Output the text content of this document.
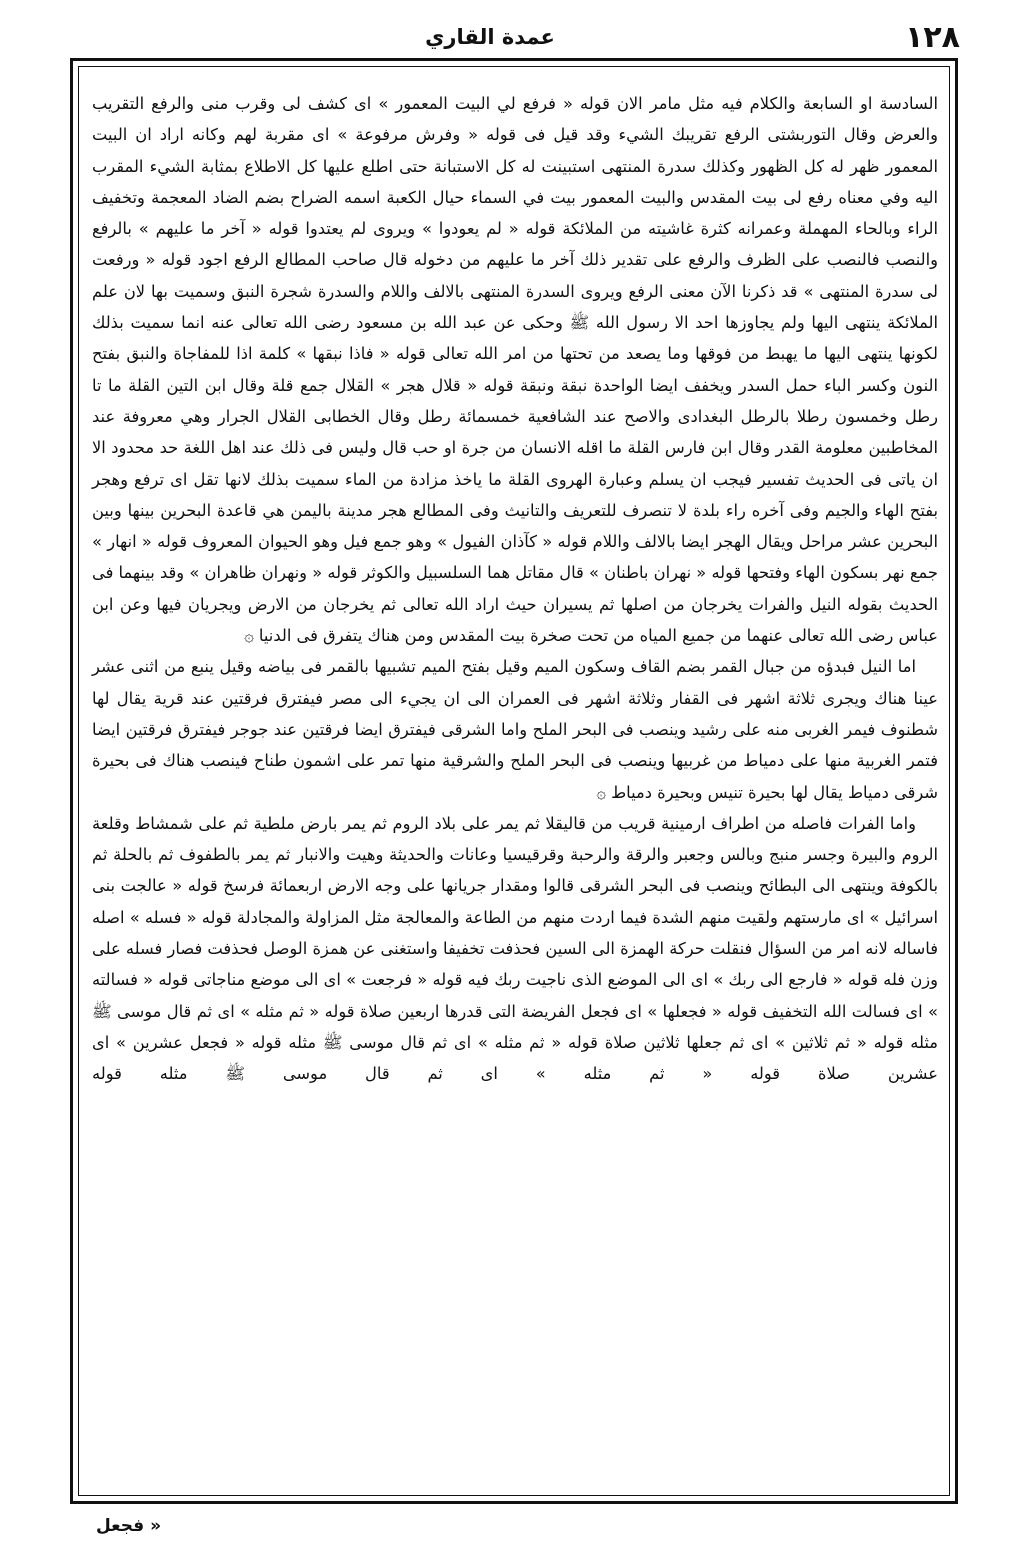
١٢٨
عمدة القاري

السادسة او السابعة والكلام فيه مثل مامر الان قوله « فرفع لي البيت المعمور » اى كشف لى وقرب منى والرفع التقريب والعرض وقال التوربشتى الرفع تقريبك الشيء وقد قيل فى قوله « وفرش مرفوعة » اى مقربة لهم وكانه اراد ان البيت المعمور ظهر له كل الظهور وكذلك سدرة المنتهى استبينت له كل الاستبانة حتى اطلع عليها كل الاطلاع بمثابة الشيء المقرب اليه وفي معناه رفع لى بيت المقدس والبيت المعمور بيت في السماء حيال الكعبة اسمه الضراح بضم الضاد المعجمة وتخفيف الراء وبالحاء المهملة وعمرانه كثرة غاشيته من الملائكة قوله « لم يعودوا » ويروى لم يعتدوا قوله « آخر ما عليهم » بالرفع والنصب فالنصب على الظرف والرفع على تقدير ذلك آخر ما عليهم من دخوله قال صاحب المطالع الرفع اجود قوله « ورفعت لى سدرة المنتهى » قد ذكرنا الآن معنى الرفع ويروى السدرة المنتهى بالالف واللام والسدرة شجرة النبق وسميت بها لان علم الملائكة ينتهى اليها ولم يجاوزها احد الا رسول الله ﷺ وحكى عن عبد الله بن مسعود رضى الله تعالى عنه انما سميت بذلك لكونها ينتهى اليها ما يهبط من فوقها وما يصعد من تحتها من امر الله تعالى قوله « فاذا نبقها » كلمة اذا للمفاجاة والنبق بفتح النون وكسر الباء حمل السدر ويخفف ايضا الواحدة نبقة ونبقة قوله « قلال هجر » القلال جمع قلة وقال ابن التين القلة ما تا رطل وخمسون رطلا بالرطل البغدادى والاصح عند الشافعية خمسمائة رطل وقال الخطابى القلال الجرار وهي معروفة عند المخاطبين معلومة القدر وقال ابن فارس القلة ما اقله الانسان من جرة او حب قال وليس فى ذلك عند اهل اللغة حد محدود الا ان ياتى فى الحديث تفسير فيجب ان يسلم وعبارة الهروى القلة ما ياخذ مزادة من الماء سميت بذلك لانها تقل اى ترفع وهجر بفتح الهاء والجيم وفى آخره راء بلدة لا تنصرف للتعريف والتانيث وفى المطالع هجر مدينة باليمن هي قاعدة البحرين بينها وبين البحرين عشر مراحل ويقال الهجر ايضا بالالف واللام قوله « كآذان الفيول » وهو جمع فيل وهو الحيوان المعروف قوله « انهار » جمع نهر بسكون الهاء وفتحها قوله « نهران باطنان » قال مقاتل هما السلسبيل والكوثر قوله « ونهران ظاهران » وقد بينهما فى الحديث بقوله النيل والفرات يخرجان من اصلها ثم يسيران حيث اراد الله تعالى ثم يخرجان من الارض ويجريان فيها وعن ابن عباس رضى الله تعالى عنهما من جميع المياه من تحت صخرة بيت المقدس ومن هناك يتفرق فى الدنيا ۞

اما النيل فبدؤه من جبال القمر بضم القاف وسكون الميم وقيل بفتح الميم تشبيها بالقمر فى بياضه وقيل ينبع من اثنى عشر عينا هناك ويجرى ثلاثة اشهر فى القفار وثلاثة اشهر فى العمران الى ان يجيء الى مصر فيفترق فرقتين عند قرية يقال لها شطنوف فيمر الغربى منه على رشيد وينصب فى البحر الملح واما الشرقى فيفترق ايضا فرقتين عند جوجر فيفترق فرقتين ايضا فتمر الغربية منها على دمياط من غربيها وينصب فى البحر الملح والشرقية منها تمر على اشمون طناح فينصب هناك فى بحيرة شرقى دمياط يقال لها بحيرة تنيس وبحيرة دمياط ۞

واما الفرات فاصله من اطراف ارمينية قريب من قاليقلا ثم يمر على بلاد الروم ثم يمر بارض ملطية ثم على شمشاط وقلعة الروم والبيرة وجسر منبج وبالس وجعبر والرقة والرحبة وقرقيسيا وعانات والحديثة وهيت والانبار ثم يمر بالطفوف ثم بالحلة ثم بالكوفة وينتهى الى البطائح وينصب فى البحر الشرقى قالوا ومقدار جريانها على وجه الارض اربعمائة فرسخ قوله « عالجت بنى اسرائيل » اى مارستهم ولقيت منهم الشدة فيما اردت منهم من الطاعة والمعالجة مثل المزاولة والمجادلة قوله « فسله » اصله فاساله لانه امر من السؤال فنقلت حركة الهمزة الى السين فحذفت تخفيفا واستغنى عن همزة الوصل فحذفت فصار فسله على وزن فله قوله « فارجع الى ربك » اى الى الموضع الذى ناجيت ربك فيه قوله « فرجعت » اى الى موضع مناجاتى قوله « فسالته » اى فسالت الله التخفيف قوله « فجعلها » اى فجعل الفريضة التى قدرها اربعين صلاة قوله « ثم مثله » اى ثم قال موسى ﷺ مثله قوله « ثم ثلاثين » اى ثم جعلها ثلاثين صلاة قوله « ثم مثله » اى ثم قال موسى ﷺ مثله قوله « فجعل عشرين » اى عشرين صلاة قوله « ثم مثله » اى ثم قال موسى ﷺ مثله قوله

« فجعل
